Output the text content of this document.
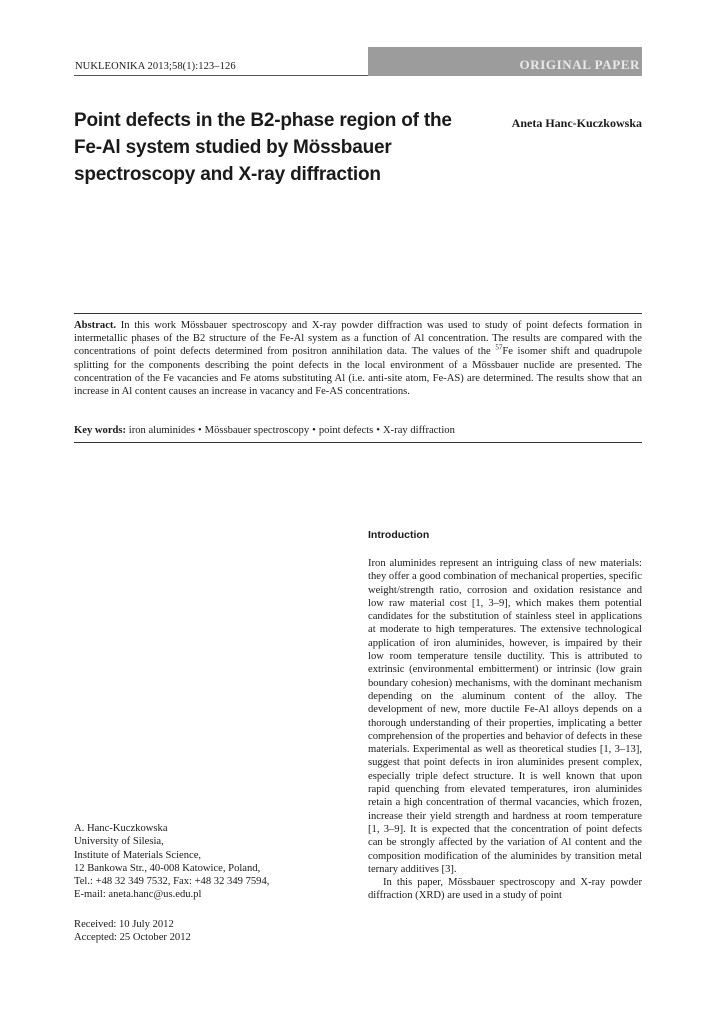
NUKLEONIKA 2013;58(1):123–126	ORIGINAL PAPER
Point defects in the B2-phase region of the Fe-Al system studied by Mössbauer spectroscopy and X-ray diffraction
Aneta Hanc-Kuczkowska

Abstract. In this work Mössbauer spectroscopy and X-ray powder diffraction was used to study of point defects formation in intermetallic phases of the B2 structure of the Fe-Al system as a function of Al concentration. The results are compared with the concentrations of point defects determined from positron annihilation data. The values of the $^{57}$Fe isomer shift and quadrupole splitting for the components describing the point defects in the local environment of a Mössbauer nuclide are presented. The concentration of the Fe vacancies and Fe atoms substituting Al (i.e. anti-site atom, Fe-AS) are determined. The results show that an increase in Al content causes an increase in vacancy and Fe-AS concentrations.

Key words: iron aluminides • Mössbauer spectroscopy • point defects • X-ray diffraction
Introduction

Iron aluminides represent an intriguing class of new materials: they offer a good combination of mechanical properties, specific weight/strength ratio, corrosion and oxidation resistance and low raw material cost [1, 3–9], which makes them potential candidates for the substitution of stainless steel in applications at moderate to high temperatures. The extensive technological application of iron aluminides, however, is impaired by their low room temperature tensile ductility. This is attributed to extrinsic (environmental embitterment) or intrinsic (low grain boundary cohesion) mechanisms, with the dominant mechanism depending on the aluminum content of the alloy. The development of new, more ductile Fe-Al alloys depends on a thorough understanding of their properties, implicating a better comprehension of the properties and behavior of defects in these materials. Experimental as well as theoretical studies [1, 3–13], suggest that point defects in iron aluminides present complex, especially triple defect structure. It is well known that upon rapid quenching from elevated temperatures, iron aluminides retain a high concentration of thermal vacancies, which frozen, increase their yield strength and hardness at room temperature [1, 3–9]. It is expected that the concentration of point defects can be strongly affected by the variation of Al content and the composition modification of the aluminides by transition metal ternary additives [3].

In this paper, Mössbauer spectroscopy and X-ray powder diffraction (XRD) are used in a study of point

A. Hanc-Kuczkowska
University of Silesia,
Institute of Materials Science,
12 Bankowa Str., 40-008 Katowice, Poland,
Tel.: +48 32 349 7532, Fax: +48 32 349 7594,
E-mail: aneta.hanc@us.edu.pl
Received: 10 July 2012
Accepted: 25 October 2012
